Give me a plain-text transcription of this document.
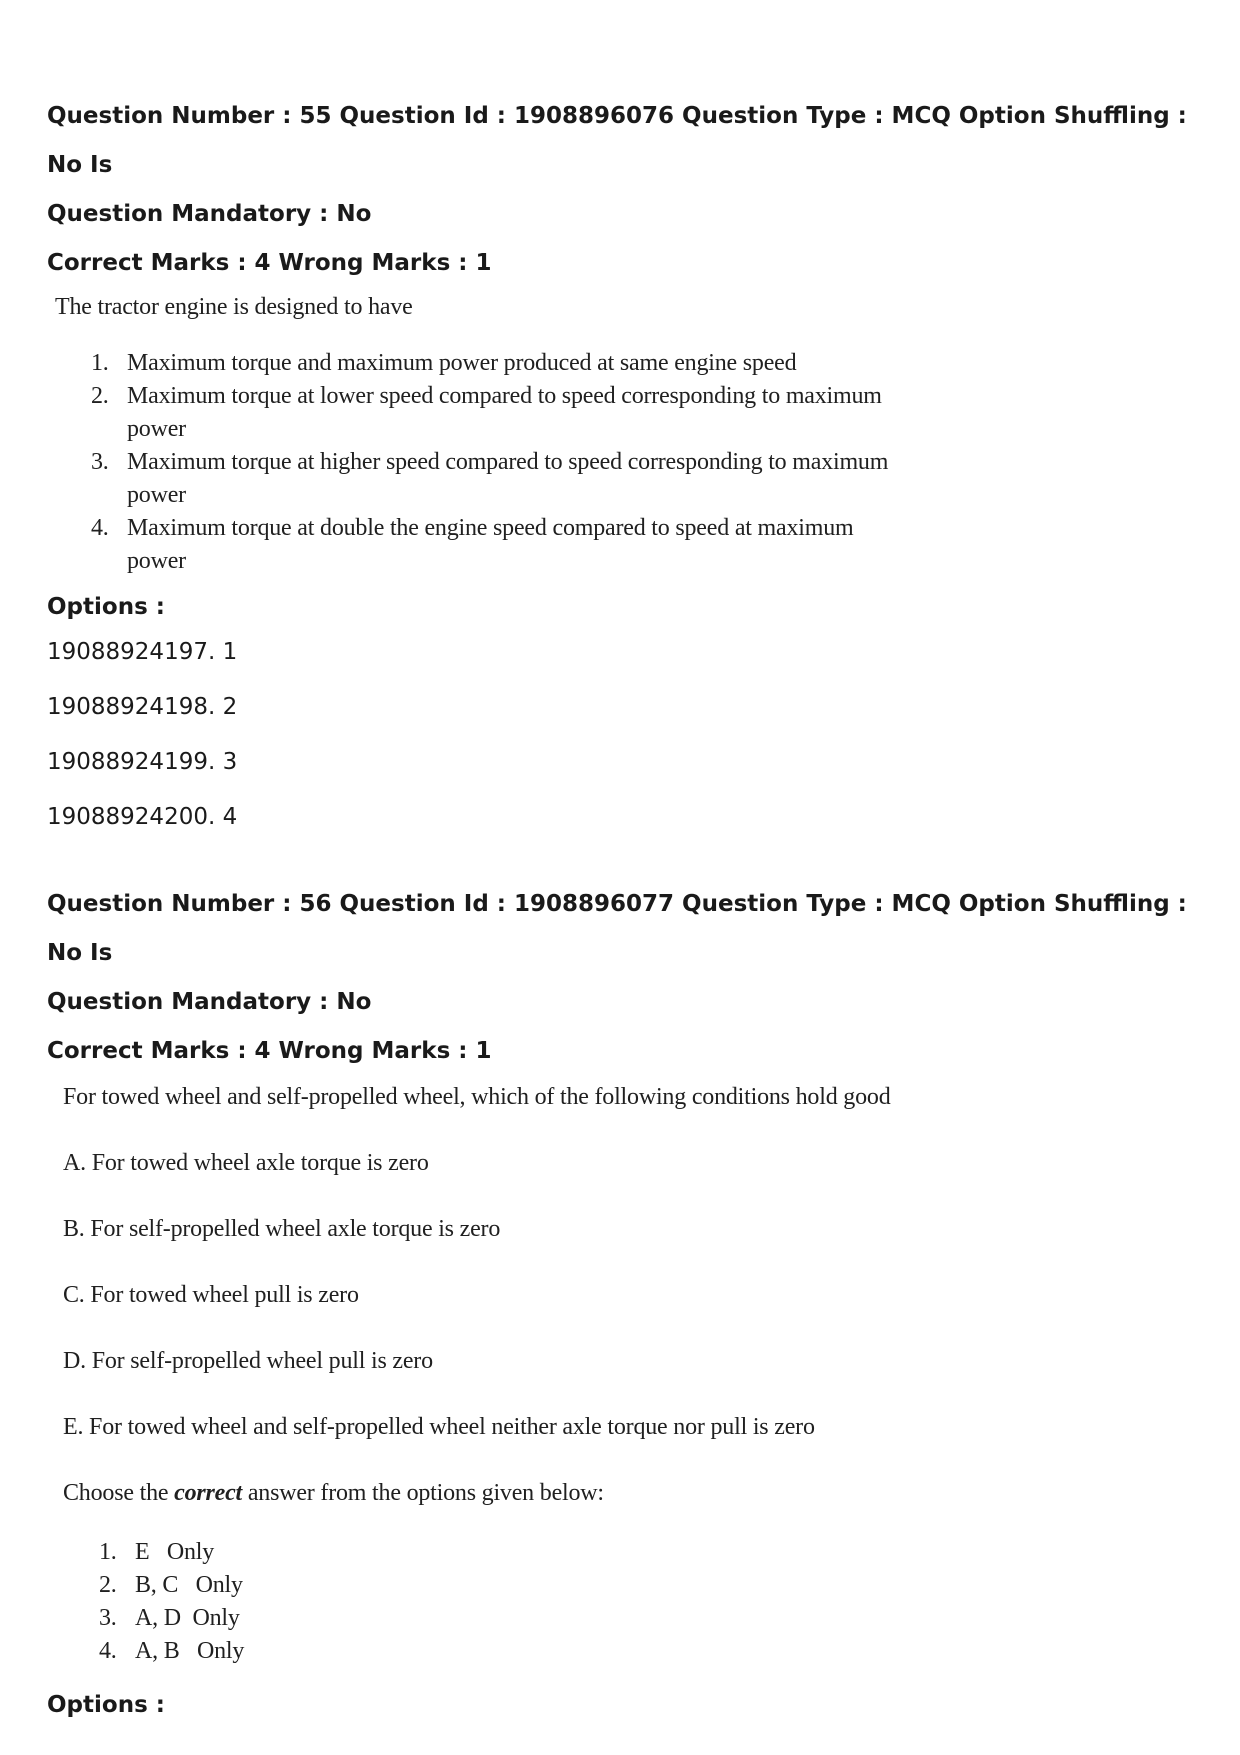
Question Number : 55 Question Id : 1908896076 Question Type : MCQ Option Shuffling : No Is

Question Mandatory : No

Correct Marks : 4 Wrong Marks : 1

The tractor engine is designed to have

1. Maximum torque and maximum power produced at same engine speed
2. Maximum torque at lower speed compared to speed corresponding to maximum power
3. Maximum torque at higher speed compared to speed corresponding to maximum power
4. Maximum torque at double the engine speed compared to speed at maximum power

Options :

19088924197. 1

19088924198. 2

19088924199. 3

19088924200. 4

Question Number : 56 Question Id : 1908896077 Question Type : MCQ Option Shuffling : No Is

Question Mandatory : No

Correct Marks : 4 Wrong Marks : 1

For towed wheel and self-propelled wheel, which of the following conditions hold good

A. For towed wheel axle torque is zero

B. For self-propelled wheel axle torque is zero

C. For towed wheel pull is zero

D. For self-propelled wheel pull is zero

E. For towed wheel and self-propelled wheel neither axle torque nor pull is zero

Choose the correct answer from the options given below:

1. E   Only
2. B, C   Only
3. A, D  Only
4. A, B   Only

Options :
